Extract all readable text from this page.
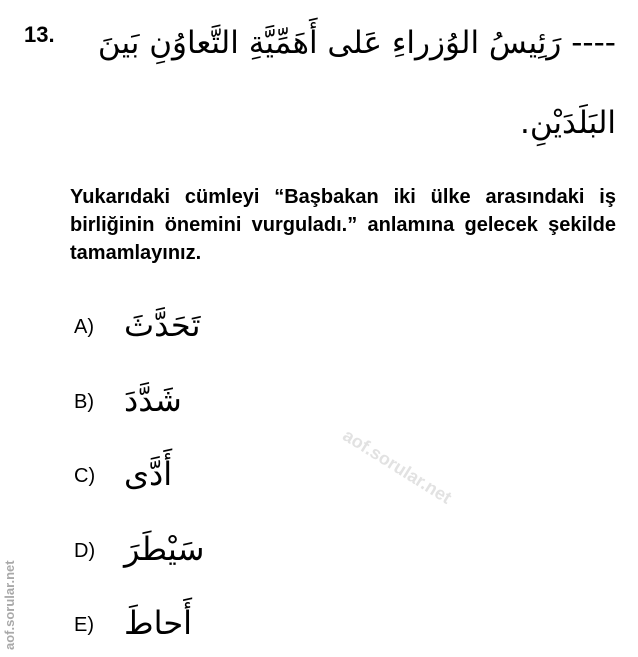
13. ---- رَئِيسُ الوُزراءِ عَلى أَهَمِّيَّةِ التَّعاوُنِ بَينَ
البَلَدَيْنِ.
Yukarıdaki cümleyi “Başbakan iki ülke arasındaki iş birliğinin önemini vurguladı.” anlamına gelecek şekilde tamamlayınız.
A) تَحَدَّثَ
B) شَدَّدَ
C) أَدَّى
D) سَيْطَرَ
E) أَحاطَ
aof.sorular.net
aof.sorular.net
